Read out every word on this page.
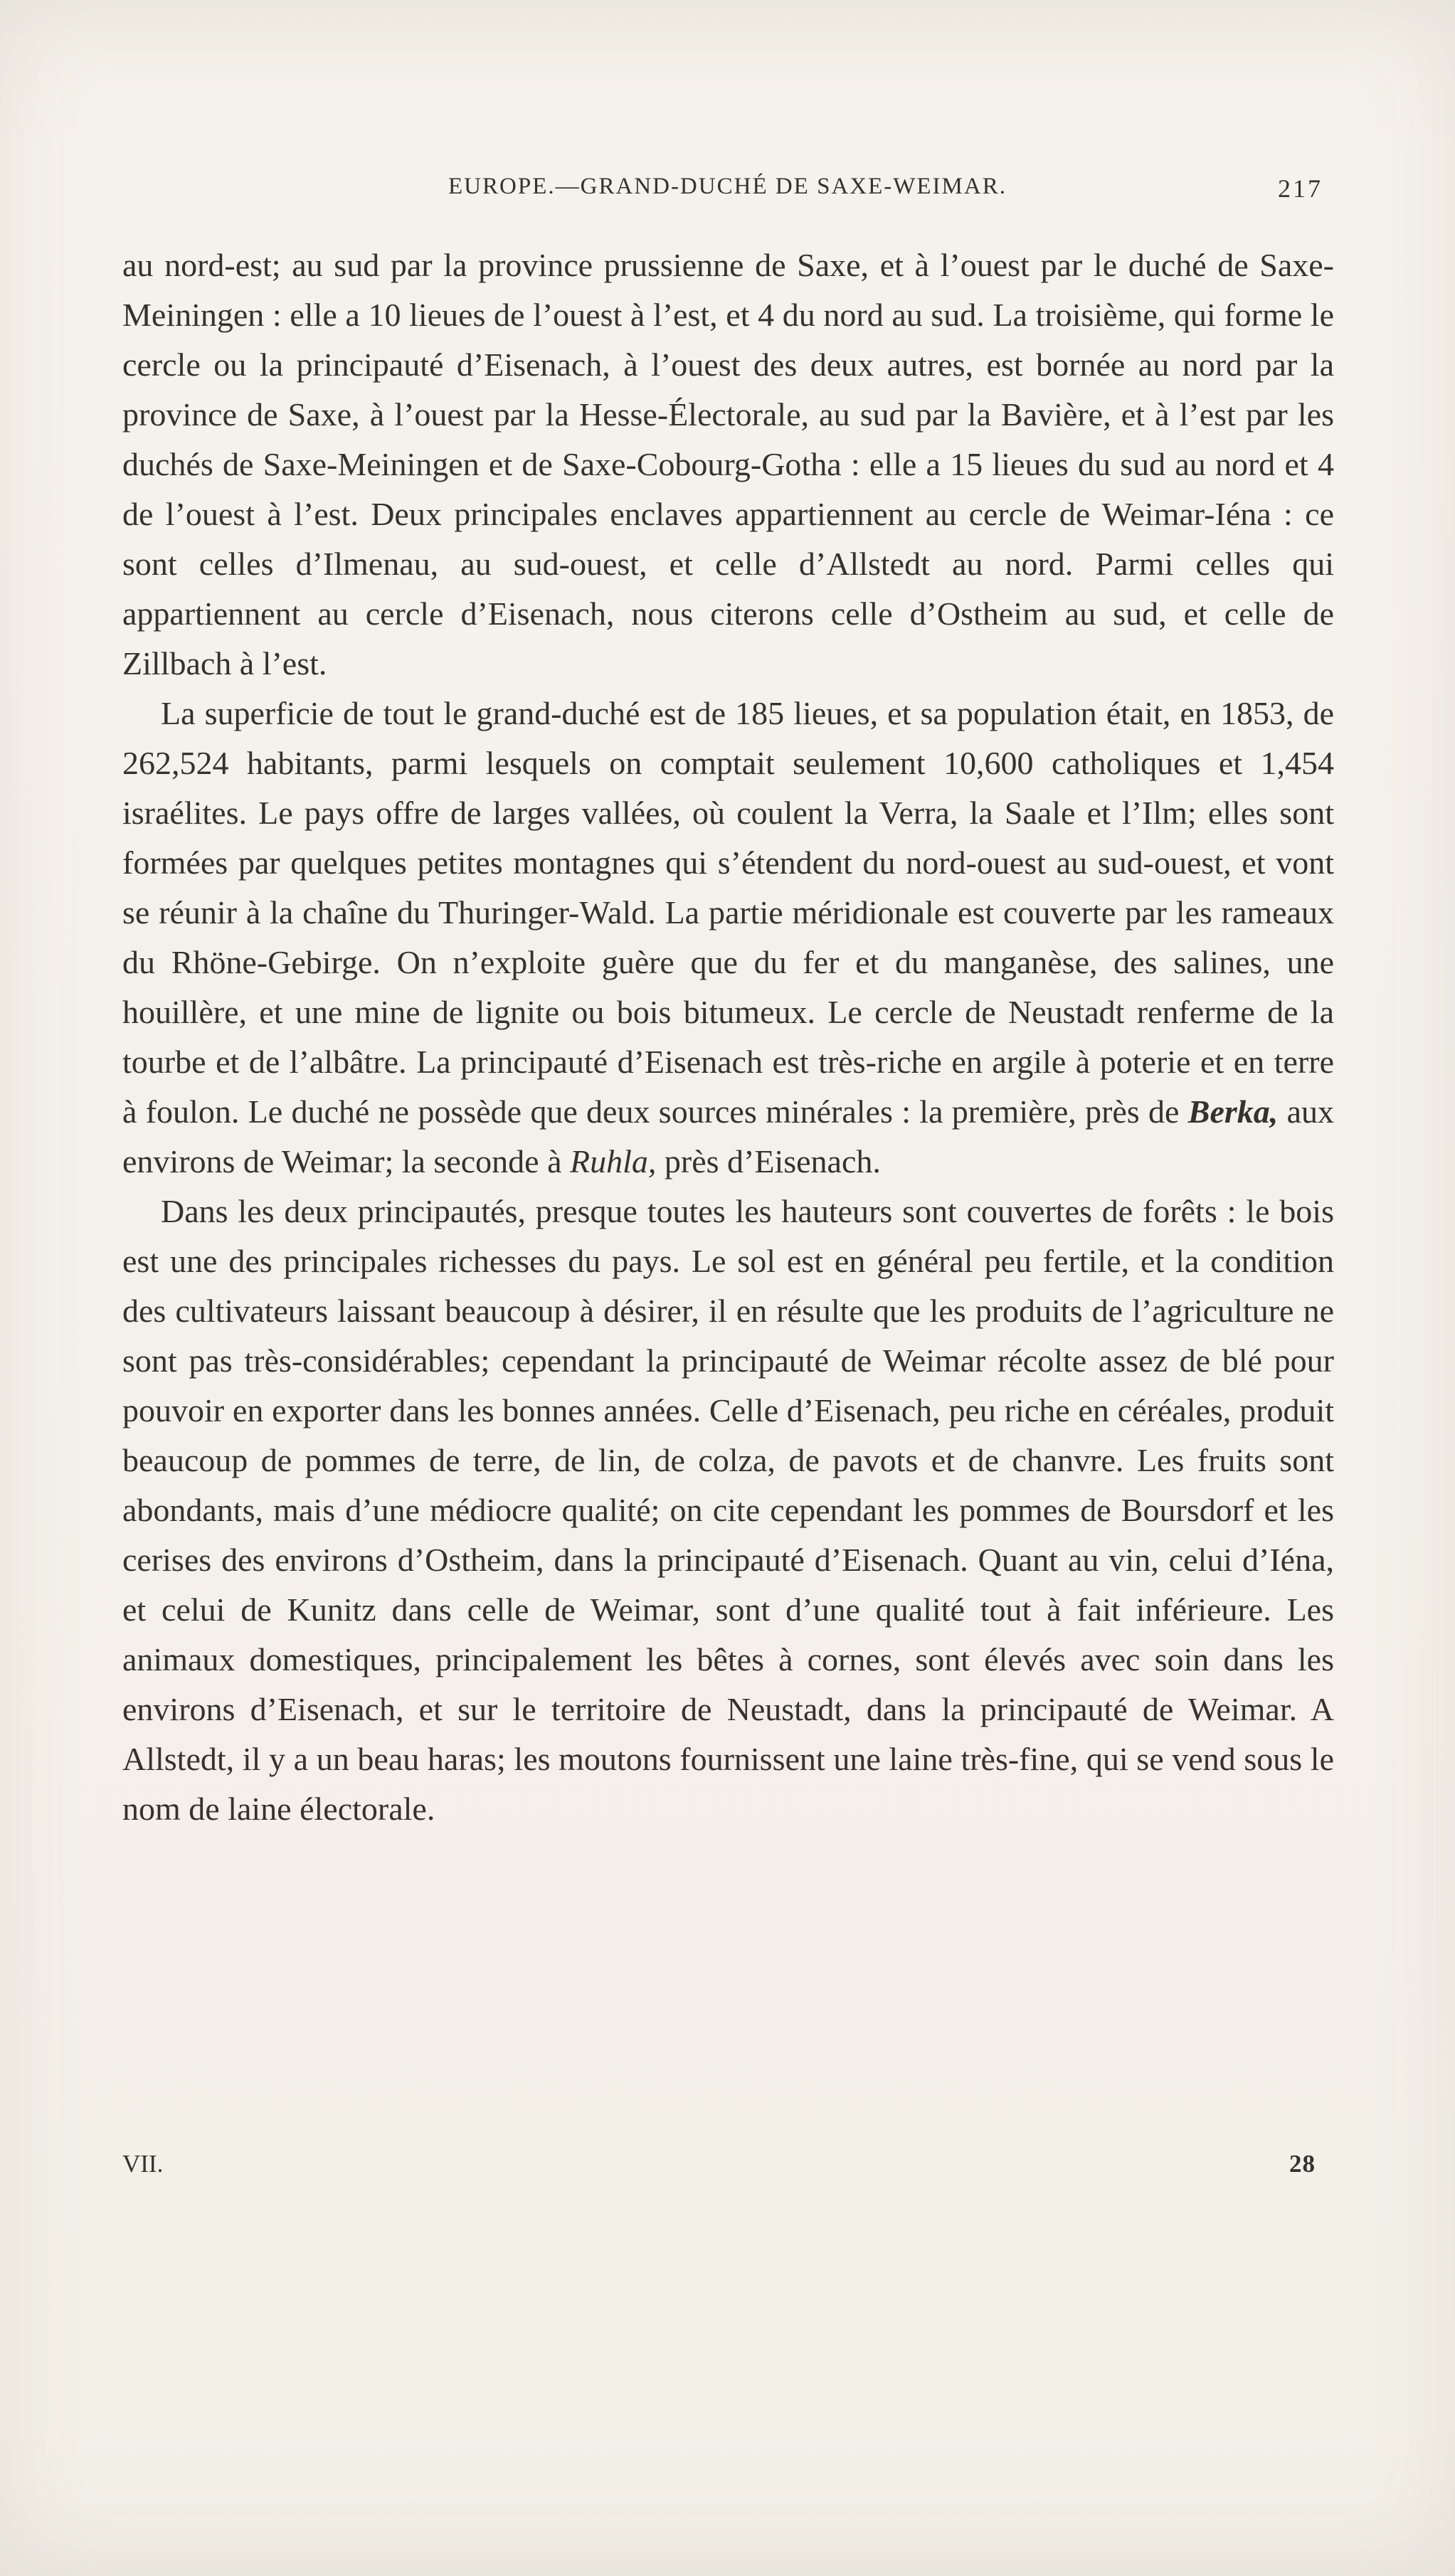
EUROPE.—GRAND-DUCHÉ DE SAXE-WEIMAR.	217

au nord-est; au sud par la province prussienne de Saxe, et à l’ouest par le duché de Saxe-Meiningen : elle a 10 lieues de l’ouest à l’est, et 4 du nord au sud. La troisième, qui forme le cercle ou la principauté d’Eisenach, à l’ouest des deux autres, est bornée au nord par la province de Saxe, à l’ouest par la Hesse-Électorale, au sud par la Bavière, et à l’est par les duchés de Saxe-Meiningen et de Saxe-Cobourg-Gotha : elle a 15 lieues du sud au nord et 4 de l’ouest à l’est. Deux principales enclaves appartiennent au cercle de Weimar-Iéna : ce sont celles d’Ilmenau, au sud-ouest, et celle d’Allstedt au nord. Parmi celles qui appartiennent au cercle d’Eisenach, nous citerons celle d’Ostheim au sud, et celle de Zillbach à l’est.

La superficie de tout le grand-duché est de 185 lieues, et sa population était, en 1853, de 262,524 habitants, parmi lesquels on comptait seulement 10,600 catholiques et 1,454 israélites. Le pays offre de larges vallées, où coulent la Verra, la Saale et l’Ilm; elles sont formées par quelques petites montagnes qui s’étendent du nord-ouest au sud-ouest, et vont se réunir à la chaîne du Thuringer-Wald. La partie méridionale est couverte par les rameaux du Rhöne-Gebirge. On n’exploite guère que du fer et du manganèse, des salines, une houillère, et une mine de lignite ou bois bitumeux. Le cercle de Neustadt renferme de la tourbe et de l’albâtre. La principauté d’Eisenach est très-riche en argile à poterie et en terre à foulon. Le duché ne possède que deux sources minérales : la première, près de Berka, aux environs de Weimar; la seconde à Ruhla, près d’Eisenach.

Dans les deux principautés, presque toutes les hauteurs sont couvertes de forêts : le bois est une des principales richesses du pays. Le sol est en général peu fertile, et la condition des cultivateurs laissant beaucoup à désirer, il en résulte que les produits de l’agriculture ne sont pas très-considérables; cependant la principauté de Weimar récolte assez de blé pour pouvoir en exporter dans les bonnes années. Celle d’Eisenach, peu riche en céréales, produit beaucoup de pommes de terre, de lin, de colza, de pavots et de chanvre. Les fruits sont abondants, mais d’une médiocre qualité; on cite cependant les pommes de Boursdorf et les cerises des environs d’Ostheim, dans la principauté d’Eisenach. Quant au vin, celui d’Iéna, et celui de Kunitz dans celle de Weimar, sont d’une qualité tout à fait inférieure. Les animaux domestiques, principalement les bêtes à cornes, sont élevés avec soin dans les environs d’Eisenach, et sur le territoire de Neustadt, dans la principauté de Weimar. A Allstedt, il y a un beau haras; les moutons fournissent une laine très-fine, qui se vend sous le nom de laine électorale.

VII.	28
